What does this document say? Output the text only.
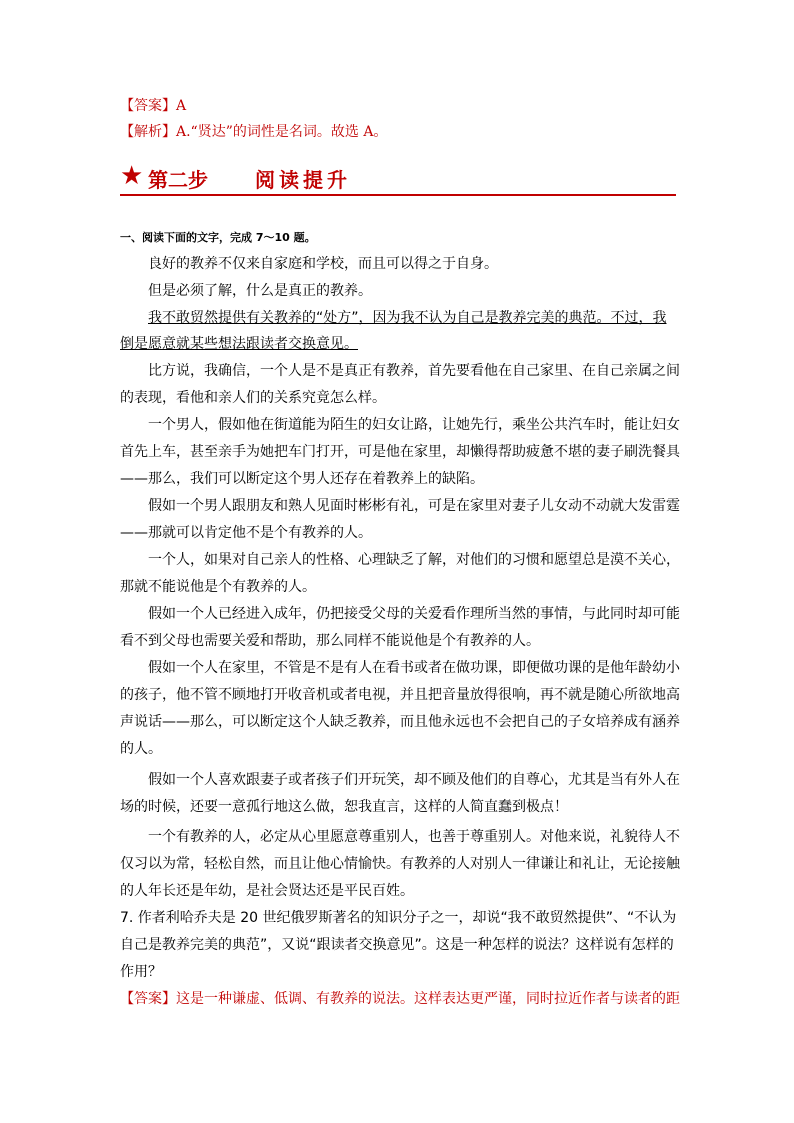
【答案】A
【解析】A.“贤达”的词性是名词。故选 A。
★ 第二步 阅读提升
一、阅读下面的文字，完成 7～10 题。
良好的教养不仅来自家庭和学校，而且可以得之于自身。
但是必须了解，什么是真正的教养。
我不敢贸然提供有关教养的“处方”，因为我不认为自己是教养完美的典范。不过，我
倒是愿意就某些想法跟读者交换意见。
比方说，我确信，一个人是不是真正有教养，首先要看他在自己家里、在自己亲属之间
的表现，看他和亲人们的关系究竟怎么样。
一个男人，假如他在街道能为陌生的妇女让路，让她先行，乘坐公共汽车时，能让妇女
首先上车，甚至亲手为她把车门打开，可是他在家里，却懒得帮助疲惫不堪的妻子刷洗餐具
——那么，我们可以断定这个男人还存在着教养上的缺陷。
假如一个男人跟朋友和熟人见面时彬彬有礼，可是在家里对妻子儿女动不动就大发雷霆
——那就可以肯定他不是个有教养的人。
一个人，如果对自己亲人的性格、心理缺乏了解，对他们的习惯和愿望总是漠不关心，
那就不能说他是个有教养的人。
假如一个人已经进入成年，仍把接受父母的关爱看作理所当然的事情，与此同时却可能
看不到父母也需要关爱和帮助，那么同样不能说他是个有教养的人。
假如一个人在家里，不管是不是有人在看书或者在做功课，即便做功课的是他年龄幼小
的孩子，他不管不顾地打开收音机或者电视，并且把音量放得很响，再不就是随心所欲地高
声说话——那么，可以断定这个人缺乏教养，而且他永远也不会把自己的子女培养成有涵养
的人。
假如一个人喜欢跟妻子或者孩子们开玩笑，却不顾及他们的自尊心，尤其是当有外人在
场的时候，还要一意孤行地这么做，恕我直言，这样的人简直蠢到极点！
一个有教养的人，必定从心里愿意尊重别人，也善于尊重别人。对他来说，礼貌待人不
仅习以为常，轻松自然，而且让他心情愉快。有教养的人对别人一律谦让和礼让，无论接触
的人年长还是年幼，是社会贤达还是平民百姓。
7. 作者利哈乔夫是 20 世纪俄罗斯著名的知识分子之一，却说“我不敢贸然提供”、“不认为
自己是教养完美的典范”，又说“跟读者交换意见”。这是一种怎样的说法？这样说有怎样的
作用？
【答案】这是一种谦虚、低调、有教养的说法。这样表达更严谨，同时拉近作者与读者的距
